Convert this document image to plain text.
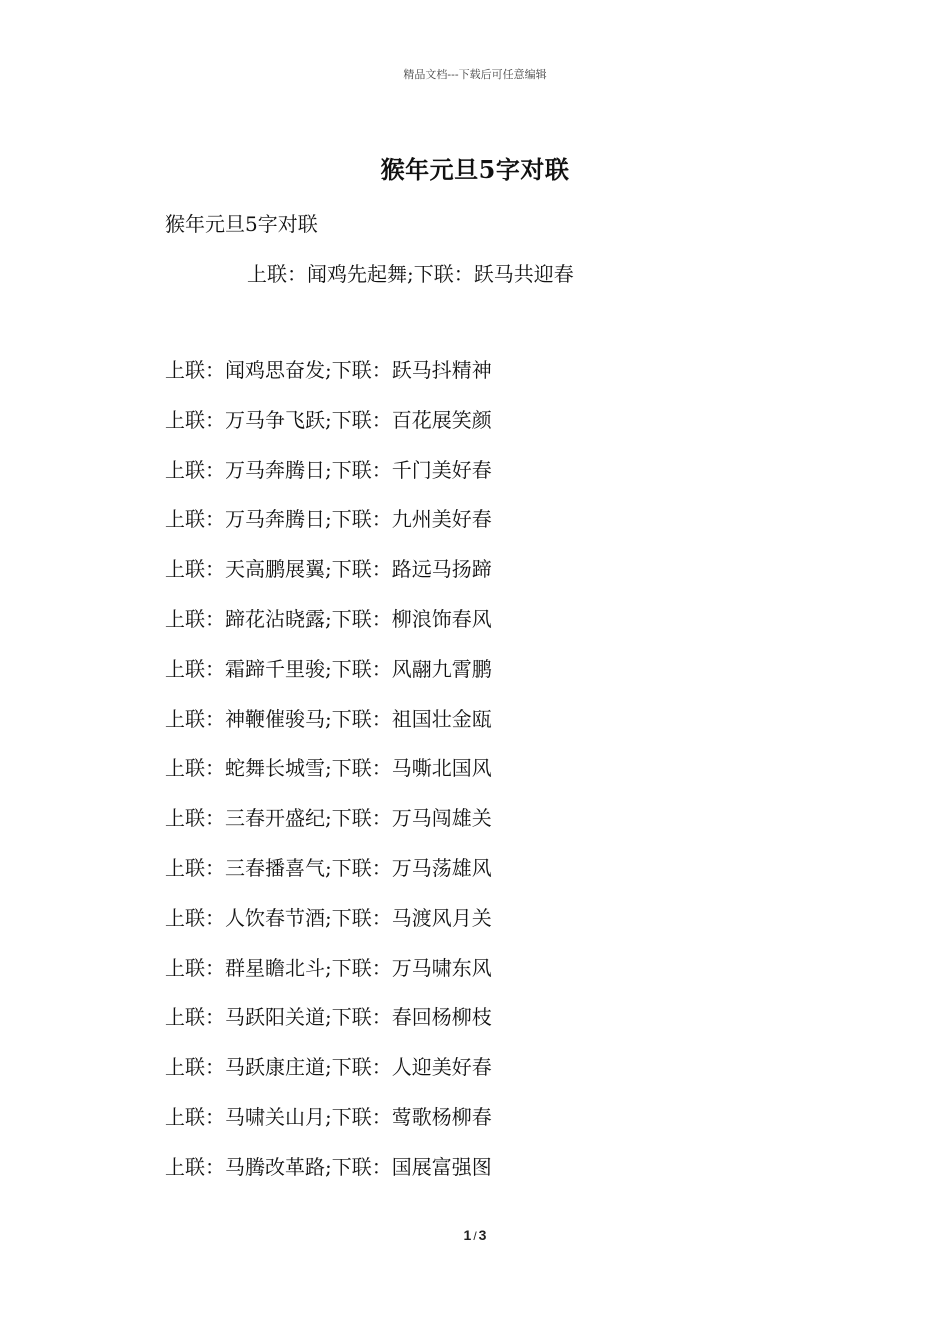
精品文档---下载后可任意编辑
猴年元旦5字对联
猴年元旦5字对联
上联：闻鸡先起舞;下联：跃马共迎春
上联：闻鸡思奋发;下联：跃马抖精神
上联：万马争飞跃;下联：百花展笑颜
上联：万马奔腾日;下联：千门美好春
上联：万马奔腾日;下联：九州美好春
上联：天高鹏展翼;下联：路远马扬蹄
上联：蹄花沾晓露;下联：柳浪饰春风
上联：霜蹄千里骏;下联：风翮九霄鹏
上联：神鞭催骏马;下联：祖国壮金瓯
上联：蛇舞长城雪;下联：马嘶北国风
上联：三春开盛纪;下联：万马闯雄关
上联：三春播喜气;下联：万马荡雄风
上联：人饮春节酒;下联：马渡风月关
上联：群星瞻北斗;下联：万马啸东风
上联：马跃阳关道;下联：春回杨柳枝
上联：马跃康庄道;下联：人迎美好春
上联：马啸关山月;下联：莺歌杨柳春
上联：马腾改革路;下联：国展富强图
1 / 3
